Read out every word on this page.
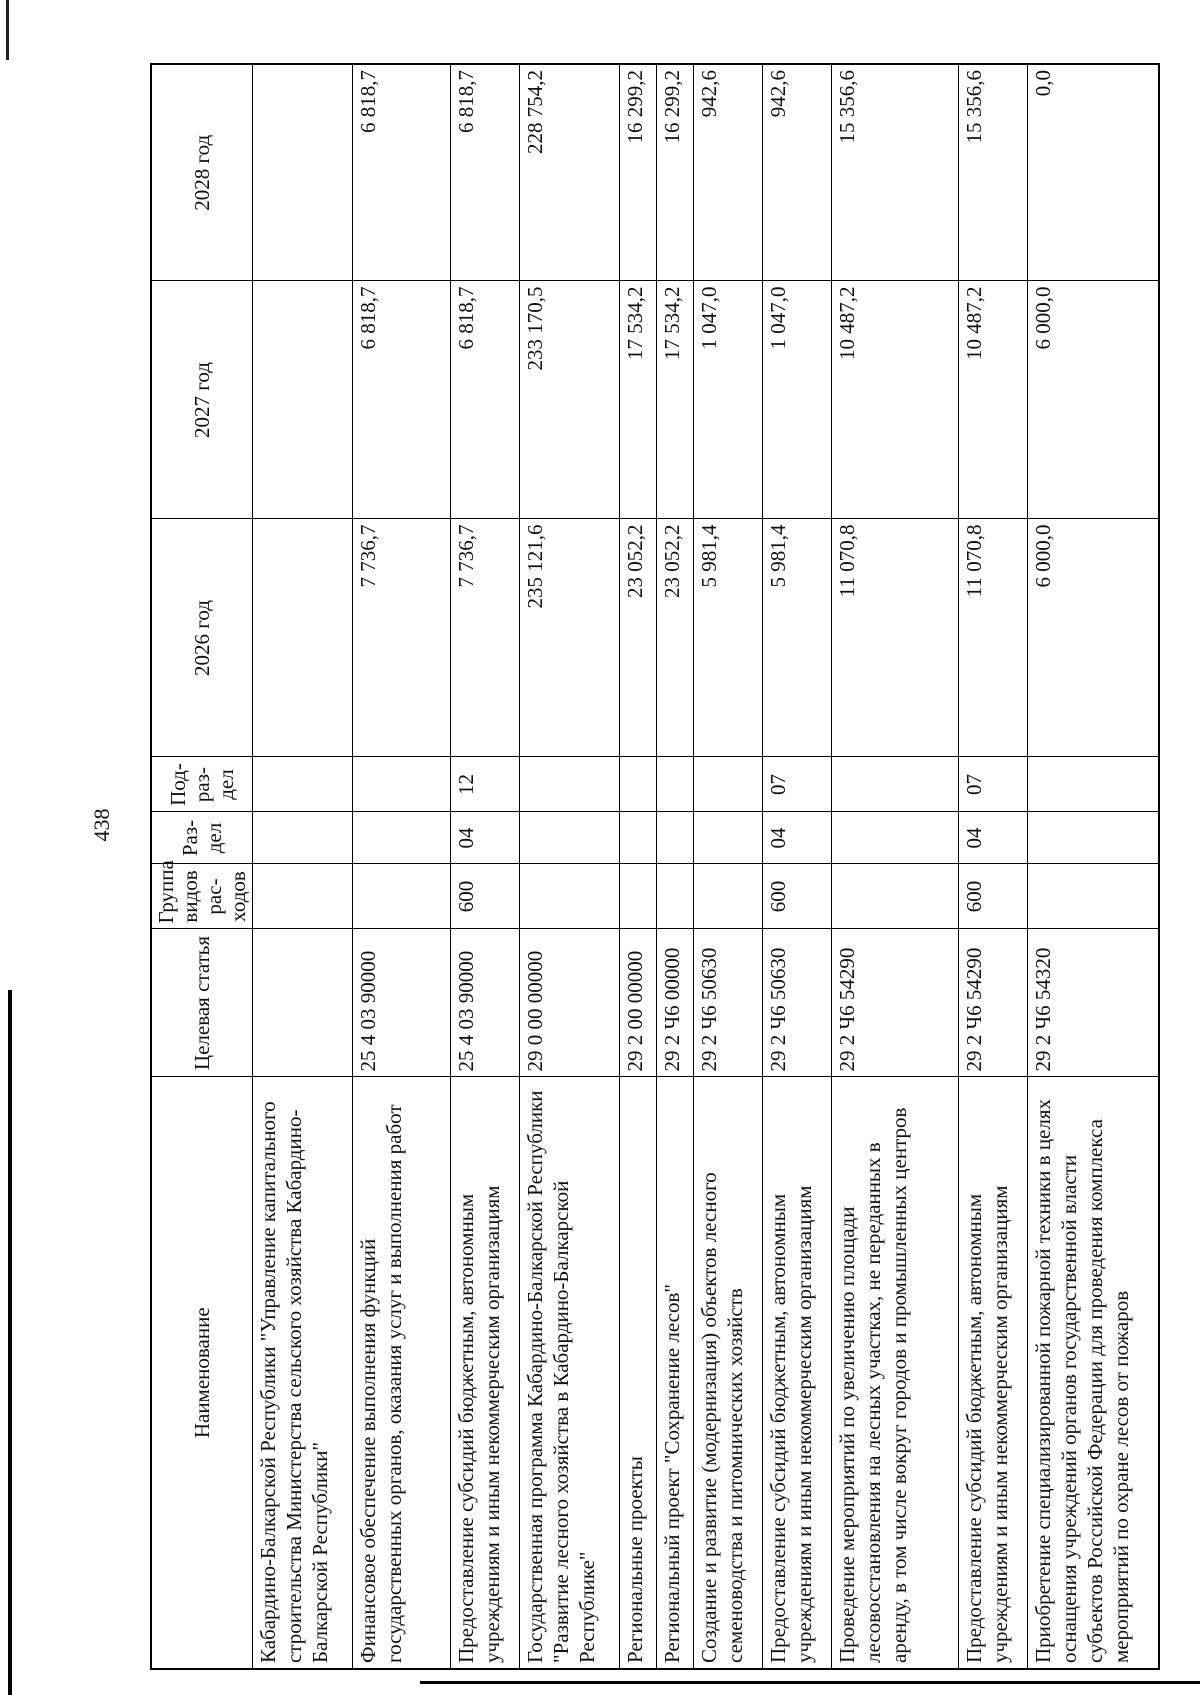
438
Наименование	Целевая статья	Группа видов рас-ходов	Раз-дел	Под-раз-дел	2026 год	2027 год	2028 год
Кабардино-Балкарской Республики "Управление капитального строительства Министерства сельского хозяйства Кабардино-Балкарской Республики"							
Финансовое обеспечение выполнения функций государственных органов, оказания услуг и выполнения работ	25 4 03 90000				7 736,7	6 818,7	6 818,7
Предоставление субсидий бюджетным, автономным учреждениям и иным некоммерческим организациям	25 4 03 90000	600	04	12	7 736,7	6 818,7	6 818,7
Государственная программа Кабардино-Балкарской Республики "Развитие лесного хозяйства в Кабардино-Балкарской Республике"	29 0 00 00000				235 121,6	233 170,5	228 754,2
Региональные проекты	29 2 00 00000				23 052,2	17 534,2	16 299,2
Региональный проект "Сохранение лесов"	29 2 Ч6 00000				23 052,2	17 534,2	16 299,2
Создание и развитие (модернизация) объектов лесного семеноводства и питомнических хозяйств	29 2 Ч6 50630				5 981,4	1 047,0	942,6
Предоставление субсидий бюджетным, автономным учреждениям и иным некоммерческим организациям	29 2 Ч6 50630	600	04	07	5 981,4	1 047,0	942,6
Проведение мероприятий по увеличению площади лесовосстановления на лесных участках, не переданных в аренду, в том числе вокруг городов и промышленных центров	29 2 Ч6 54290				11 070,8	10 487,2	15 356,6
Предоставление субсидий бюджетным, автономным учреждениям и иным некоммерческим организациям	29 2 Ч6 54290	600	04	07	11 070,8	10 487,2	15 356,6
Приобретение специализированной пожарной техники в целях оснащения учреждений органов государственной власти субъектов Российской Федерации для проведения комплекса мероприятий по охране лесов от пожаров	29 2 Ч6 54320				6 000,0	6 000,0	0,0
